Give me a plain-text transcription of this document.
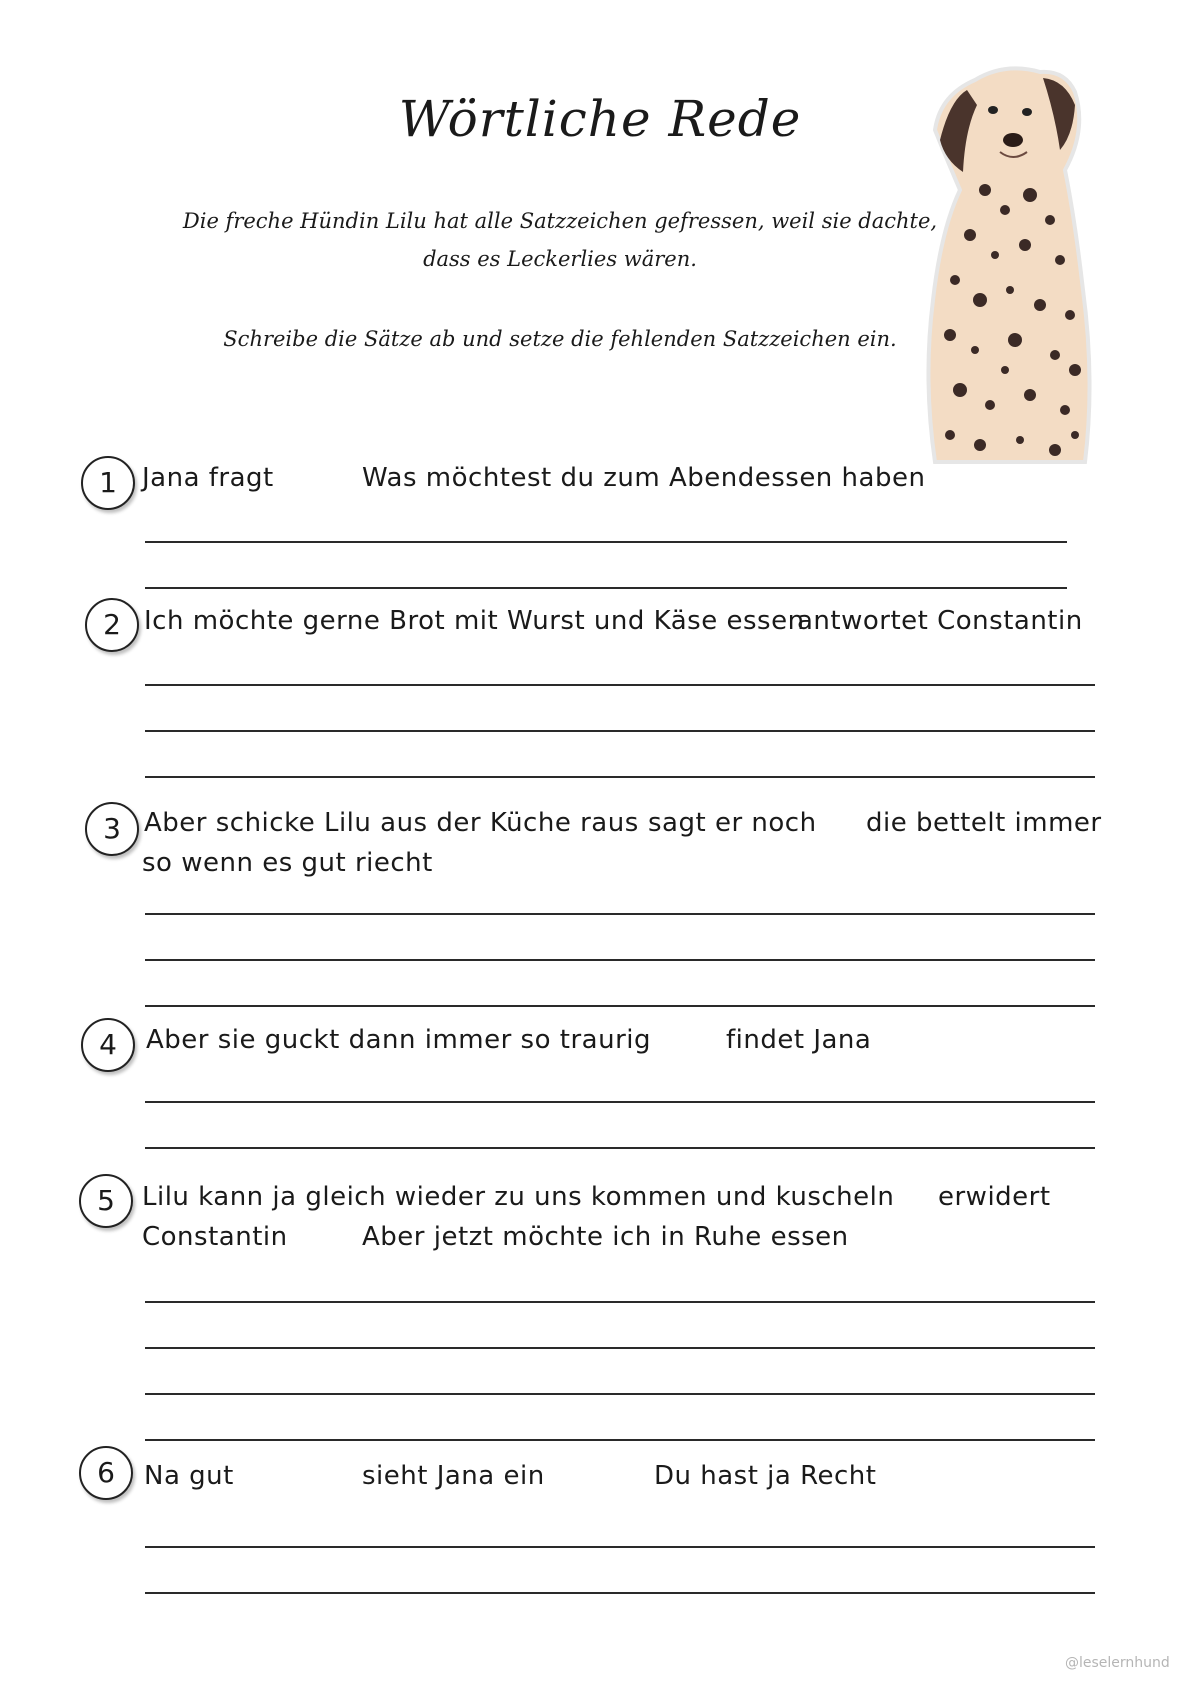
Wörtliche Rede
Die freche Hündin Lilu hat alle Satzzeichen gefressen, weil sie dachte, dass es Leckerlies wären.
Schreibe die Sätze ab und setze die fehlenden Satzzeichen ein.
1 Jana fragt	Was möchtest du zum Abendessen haben
2 Ich möchte gerne Brot mit Wurst und Käse essen
antwortet Constantin
3 Aber schicke Lilu aus der Küche raus sagt er noch die bettelt immer
so wenn es gut riecht
4	Aber sie guckt dann immer so traurig	findet Jana
5	Lilu kann ja gleich wieder zu uns kommen und kuscheln erwidert
Constantin	Aber jetzt möchte ich in Ruhe essen
6	Na gut	sieht Jana ein	Du hast ja Recht
@leselernhund
